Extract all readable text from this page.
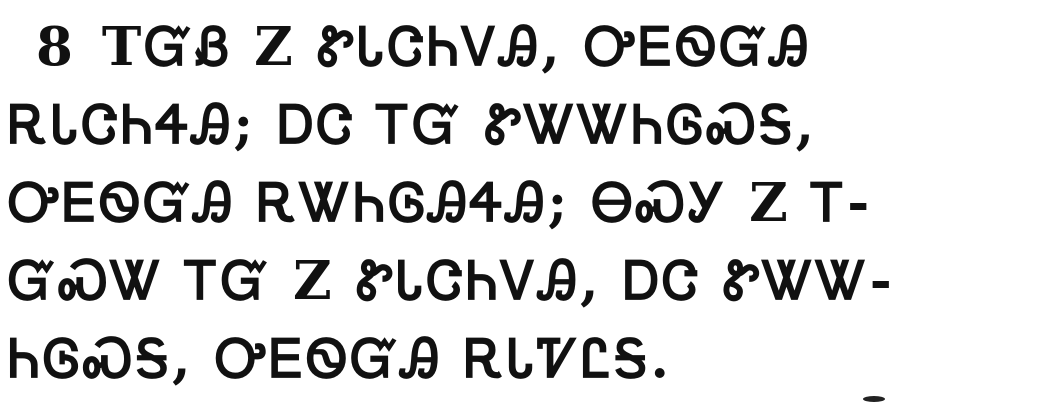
8 TᏳᏰ Z ᏑᏓᏣᏂᏙᎯ, ᎤᎬᏫᏳᎯ
ᎡᏓᏣᏂᏎᎯ; ᎠᏣ ᎢᏳ ᏑᏔᏔᏂᎶᏍᎦ,
ᎤᎬᏫᏳᎯ ᎡᏔᏂᎶᎯᏎᎯ; ᎾᏍᎩ Z Ꭲ-
ᏳᏍᏔ ᎢᏳ Z ᏑᏓᏣᏂᏙᎯ, ᎠᏣ ᏑᏔᏔ-
ᏂᎶᏍᎦ, ᎤᎬᏫᏳᎯ ᎡᏓᏤᏝᎦ.
